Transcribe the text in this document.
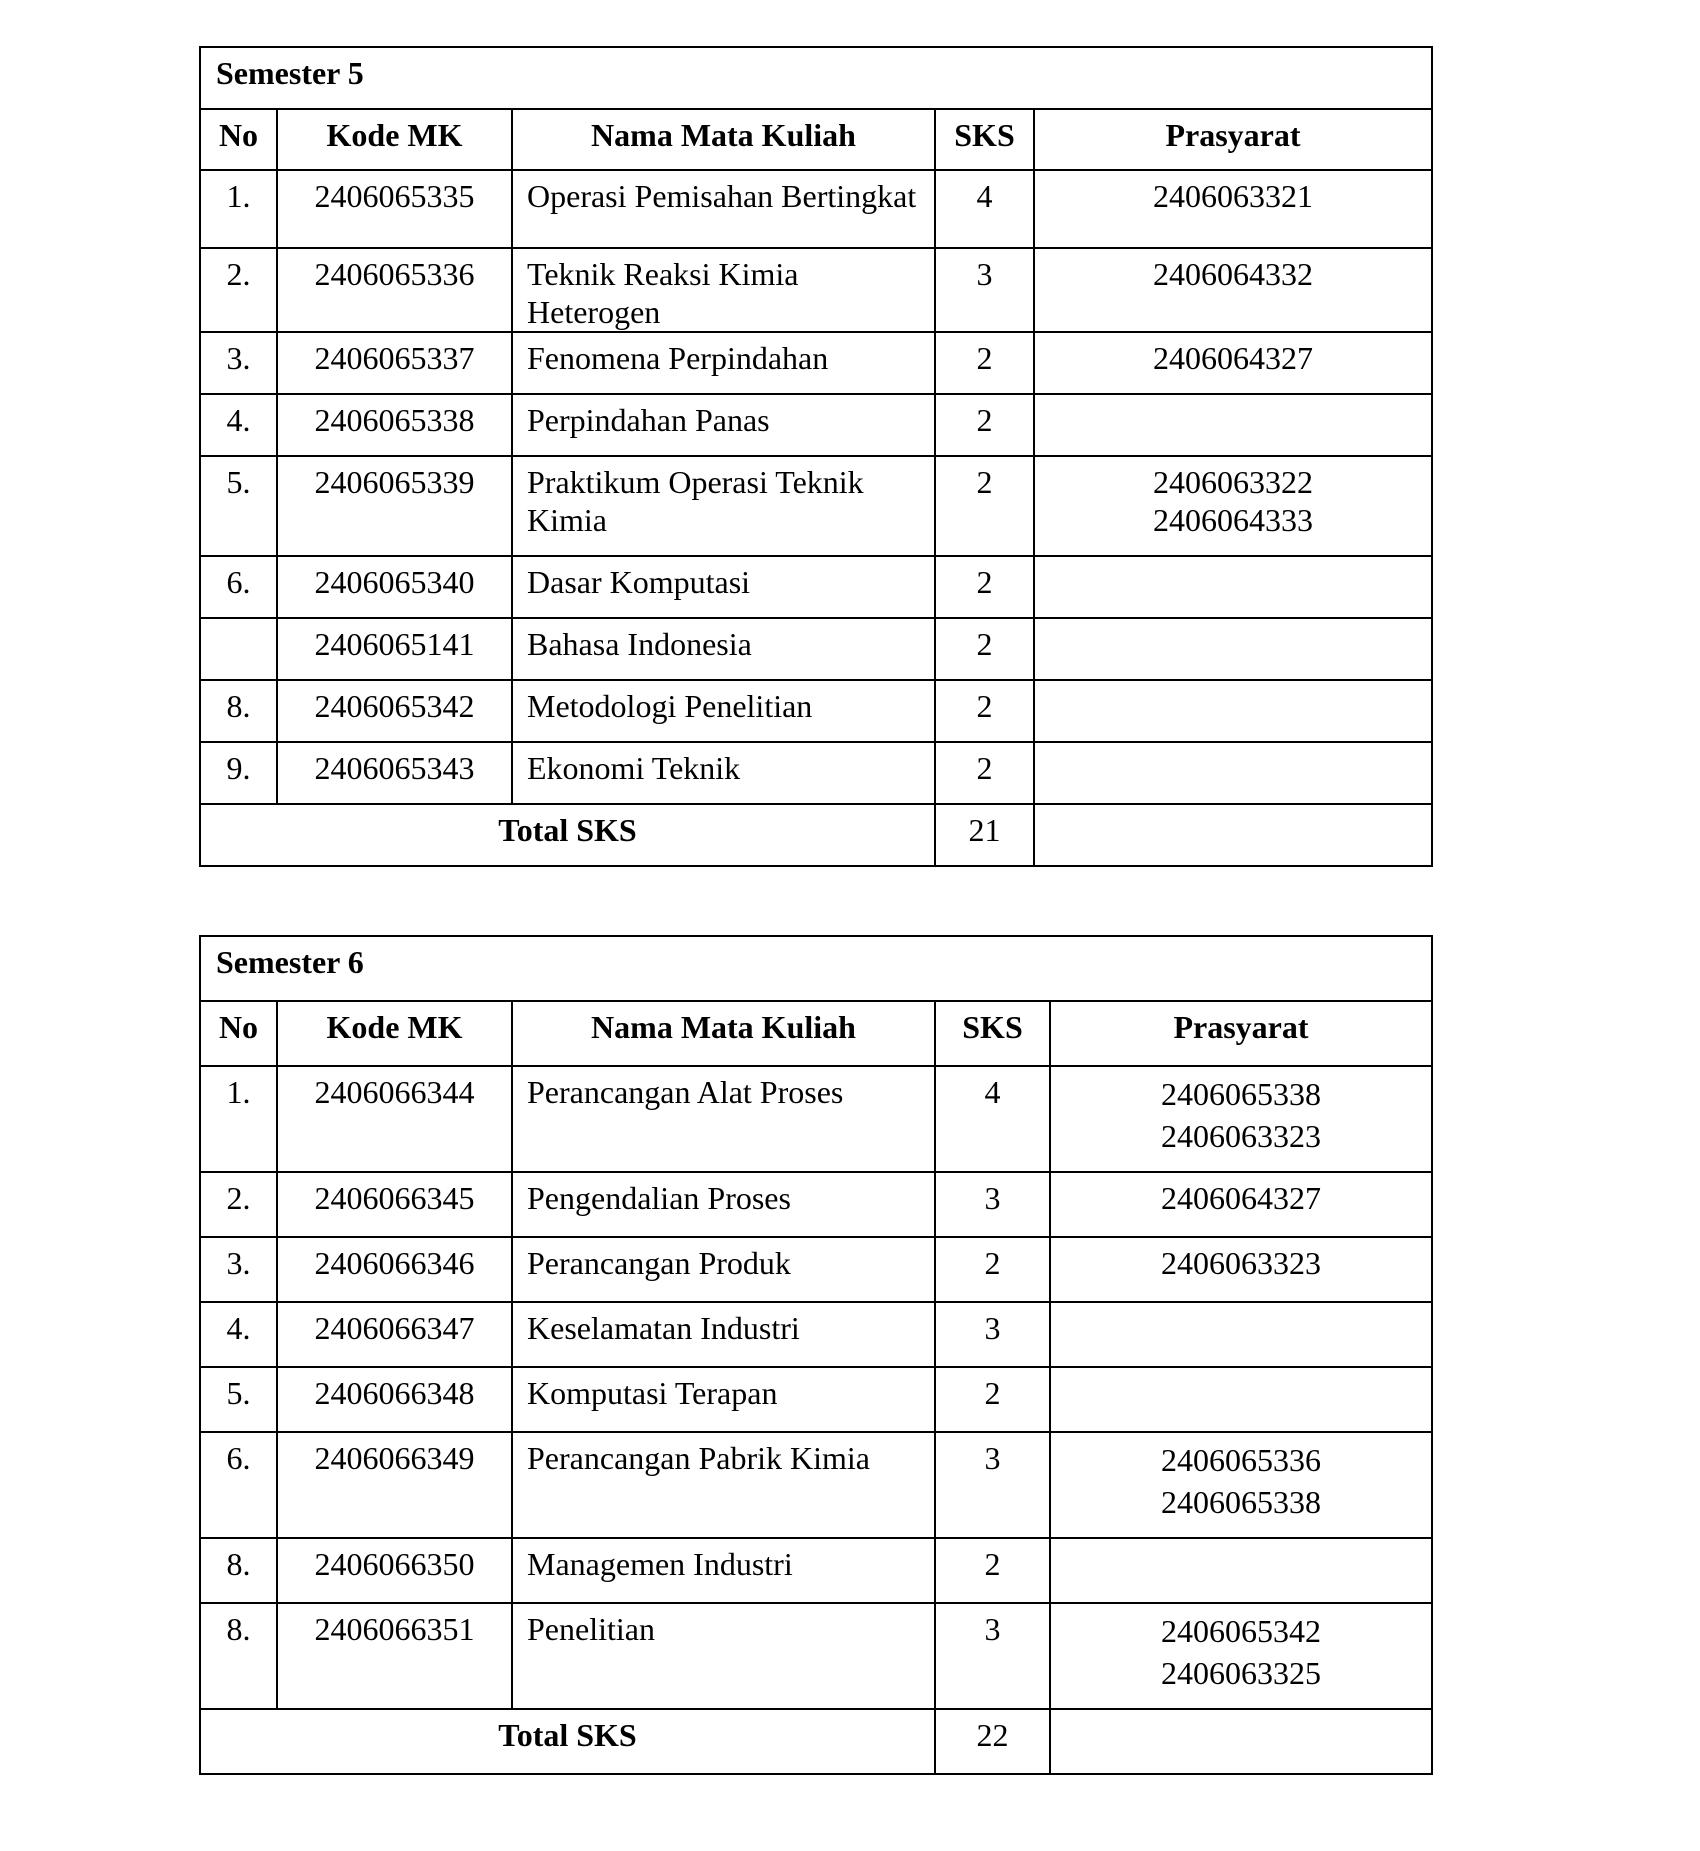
Semester 5				
No	Kode MK	Nama Mata Kuliah	SKS	Prasyarat
1.	2406065335	Operasi Pemisahan Bertingkat	4	2406063321

2.	2406065336	Teknik Reaksi Kimia Heterogen	3	2406064332

3.	2406065337	Fenomena Perpindahan	2	2406064327

4.	2406065338	Perpindahan Panas	2	
5.	2406065339	Praktikum Operasi Teknik Kimia	2	2406063322
2406064333

6.	2406065340	Dasar Komputasi	2	
	2406065141	Bahasa Indonesia	2	
8.	2406065342	Metodologi Penelitian	2	
9.	2406065343	Ekonomi Teknik	2	
Total SKS			21	
Semester 6				
No	Kode MK	Nama Mata Kuliah	SKS	Prasyarat
1.	2406066344	Perancangan Alat Proses	4	2406065338
2406063323

2.	2406066345	Pengendalian Proses	3	2406064327

3.	2406066346	Perancangan Produk	2	2406063323

4.	2406066347	Keselamatan Industri	3	
5.	2406066348	Komputasi Terapan	2	
6.	2406066349	Perancangan Pabrik Kimia	3	2406065336
2406065338

8.	2406066350	Managemen Industri	2	
8.	2406066351	Penelitian	3	2406065342
2406063325

Total SKS			22	
